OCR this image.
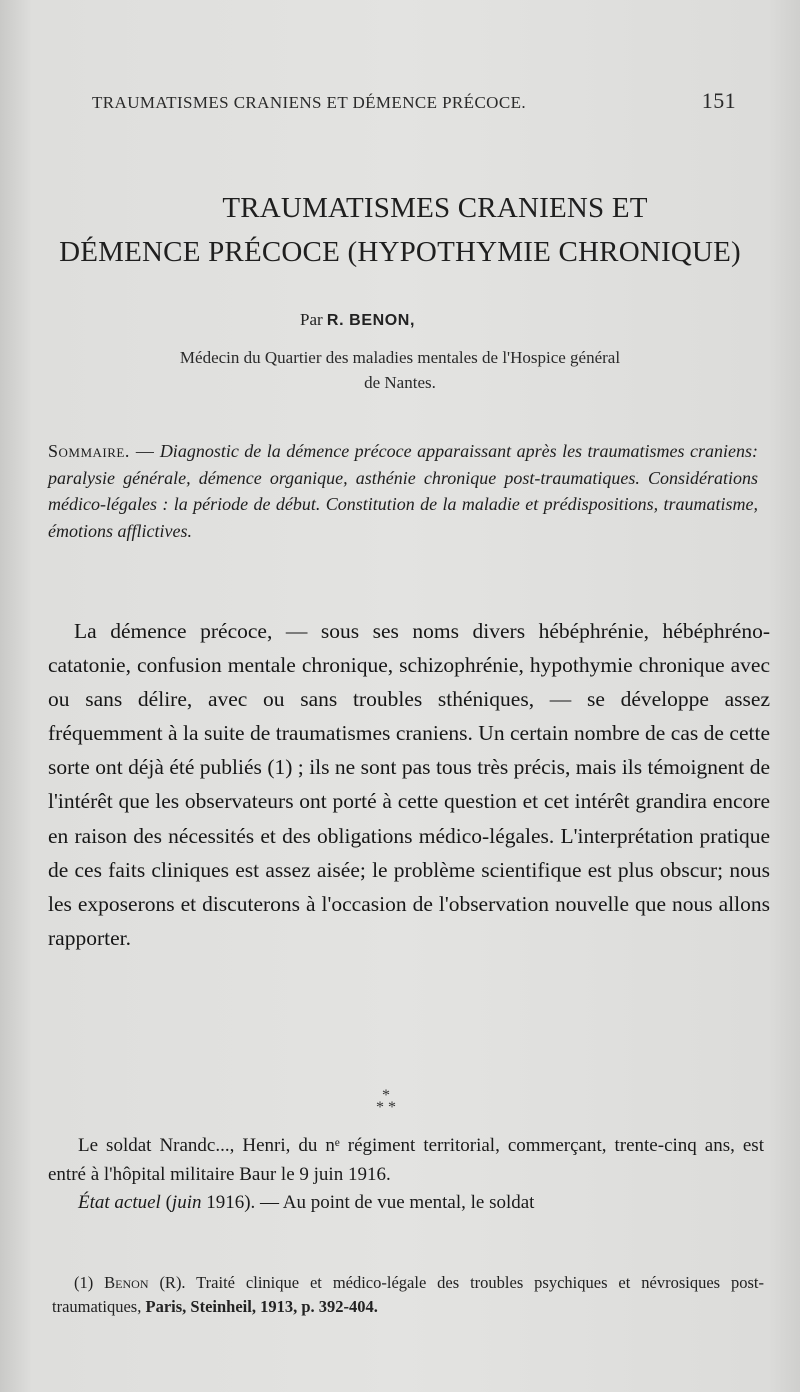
TRAUMATISMES CRANIENS ET DÉMENCE PRÉCOCE.	151
TRAUMATISMES CRANIENS ET
DÉMENCE PRÉCOCE (HYPOTHYMIE CHRONIQUE)
Par R. BENON,
Médecin du Quartier des maladies mentales de l'Hospice général
de Nantes.
Sommaire. — Diagnostic de la démence précoce apparaissant après les traumatismes craniens: paralysie générale, démence organique, asthénie chronique post-traumatiques. Considérations médico-légales : la période de début. Constitution de la maladie et prédispositions, traumatisme, émotions afflictives.
La démence précoce, — sous ses noms divers hébéphrénie, hébéphréno-catatonie, confusion mentale chronique, schizophrénie, hypothymie chronique avec ou sans délire, avec ou sans troubles sthéniques, — se développe assez fréquemment à la suite de traumatismes craniens. Un certain nombre de cas de cette sorte ont déjà été publiés (1) ; ils ne sont pas tous très précis, mais ils témoignent de l'intérêt que les observateurs ont porté à cette question et cet intérêt grandira encore en raison des nécessités et des obligations médico-légales. L'interprétation pratique de ces faits cliniques est assez aisée; le problème scientifique est plus obscur; nous les exposerons et discuterons à l'occasion de l'observation nouvelle que nous allons rapporter.
*
* *

Le soldat Nrandc..., Henri, du nᵉ régiment territorial, commerçant, trente-cinq ans, est entré à l'hôpital militaire Baur le 9 juin 1916.

État actuel (juin 1916). — Au point de vue mental, le soldat

(1) Benon (R). Traité clinique et médico-légale des troubles psychiques et névrosiques post-traumatiques, Paris, Steinheil, 1913, p. 392-404.
